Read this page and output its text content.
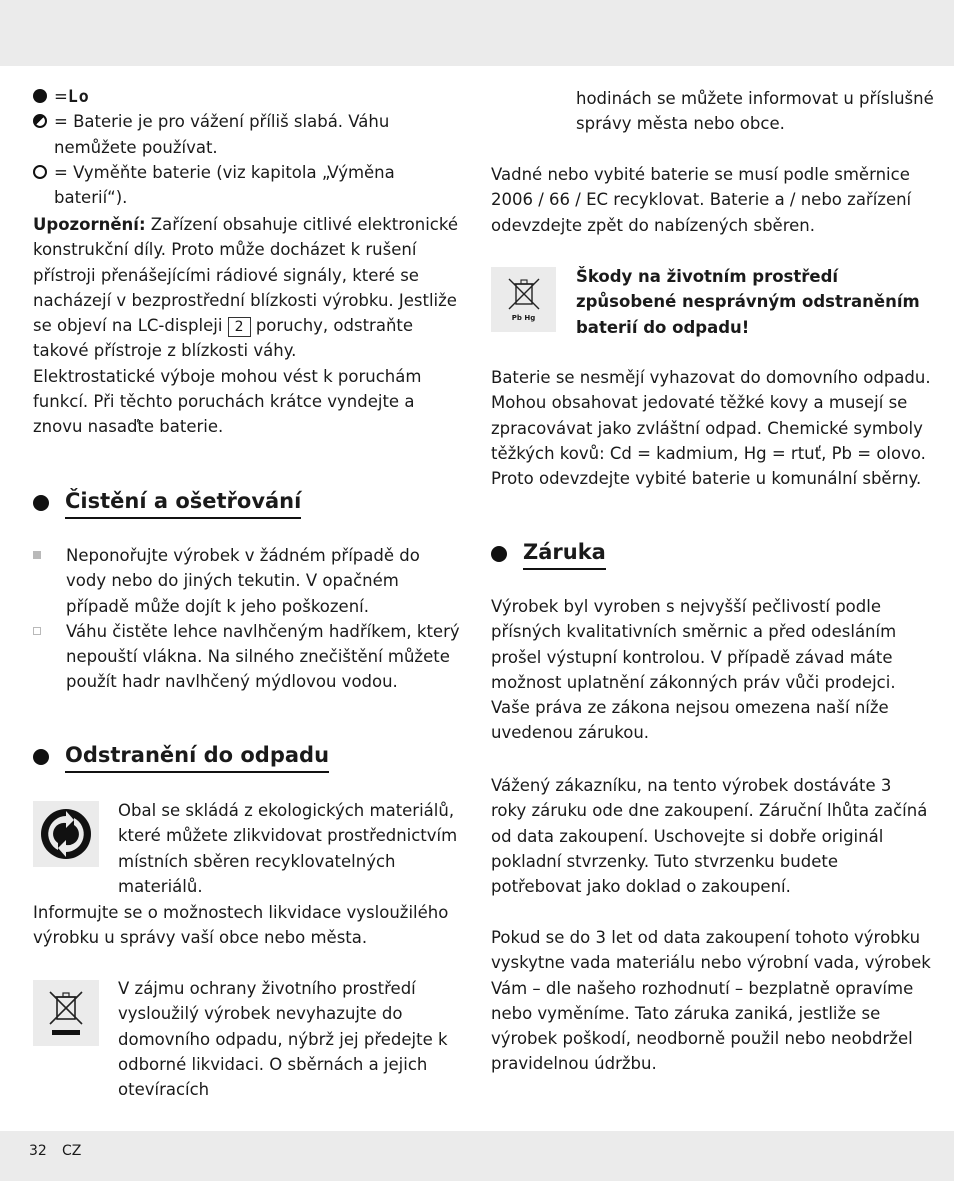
= Lo
= Baterie je pro vážení příliš slabá. Váhu nemůžete používat.
= Vyměňte baterie (viz kapitola „Výměna baterií“).

Upozornění: Zařízení obsahuje citlivé elektronické konstrukční díly. Proto může docházet k rušení přístroji přenášejícími rádiové signály, které se nacházejí v bezprostřední blízkosti výrobku. Jestliže se objeví na LC-displeji 2 poruchy, odstraňte takové přístroje z blízkosti váhy.

Elektrostatické výboje mohou vést k poruchám funkcí. Při těchto poruchách krátce vyndejte a znovu nasaďte baterie.

Čistění a ošetřování
Neponořujte výrobek v žádném případě do vody nebo do jiných tekutin. V opačném případě může dojít k jeho poškození.
Váhu čistěte lehce navlhčeným hadříkem, který nepouští vlákna. Na silného znečištění můžete použít hadr navlhčený mýdlovou vodou.
Odstranění do odpadu
Obal se skládá z ekologických materiálů, které můžete zlikvidovat prostřednictvím místních sběren recyklovatelných materiálů.
Informujte se o možnostech likvidace vysloužilého výrobku u správy vaší obce nebo města.
V zájmu ochrany životního prostředí vysloužilý výrobek nevyhazujte do domovního odpadu, nýbrž jej předejte k odborné likvidaci. O sběrnách a jejich otevíracích
hodinách se můžete informovat u příslušné správy města nebo obce.
Vadné nebo vybité baterie se musí podle směrnice 2006 / 66 / EC recyklovat. Baterie a / nebo zařízení odevzdejte zpět do nabízených sběren.
Pb Hg
Škody na životním prostředí způsobené nesprávným odstraněním baterií do odpadu!
Baterie se nesmějí vyhazovat do domovního odpadu. Mohou obsahovat jedovaté těžké kovy a musejí se zpracovávat jako zvláštní odpad. Chemické symboly těžkých kovů: Cd = kadmium, Hg = rtuť, Pb = olovo. Proto odevzdejte vybité baterie u komunální sběrny.
Záruka
Výrobek byl vyroben s nejvyšší pečlivostí podle přísných kvalitativních směrnic a před odesláním prošel výstupní kontrolou. V případě závad máte možnost uplatnění zákonných práv vůči prodejci. Vaše práva ze zákona nejsou omezena naší níže uvedenou zárukou.
Vážený zákazníku, na tento výrobek dostáváte 3 roky záruku ode dne zakoupení. Záruční lhůta začíná od data zakoupení. Uschovejte si dobře originál pokladní stvrzenky. Tuto stvrzenku budete potřebovat jako doklad o zakoupení.
Pokud se do 3 let od data zakoupení tohoto výrobku vyskytne vada materiálu nebo výrobní vada, výrobek Vám – dle našeho rozhodnutí – bezplatně opravíme nebo vyměníme. Tato záruka zaniká, jestliže se výrobek poškodí, neodborně použil nebo neobdržel pravidelnou údržbu.
32 CZ
